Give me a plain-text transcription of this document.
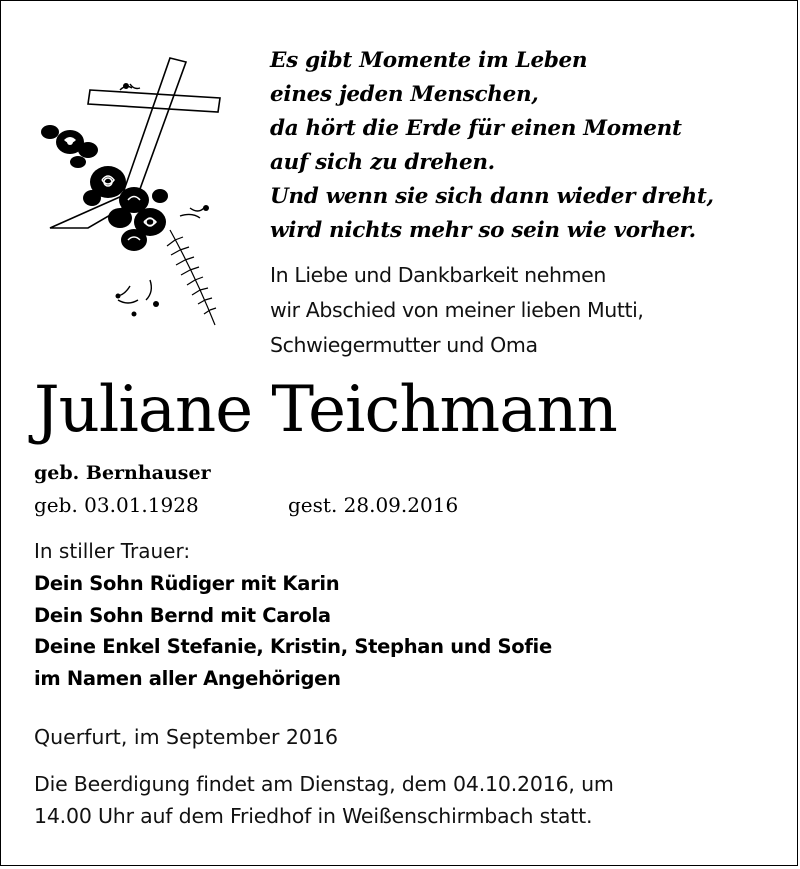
Es gibt Momente im Leben
eines jeden Menschen,
da hört die Erde für einen Moment
auf sich zu drehen.
Und wenn sie sich dann wieder dreht,
wird nichts mehr so sein wie vorher.
In Liebe und Dankbarkeit nehmen
wir Abschied von meiner lieben Mutti,
Schwiegermutter und Oma
Juliane Teichmann
geb. Bernhauser
geb. 03.01.1928	gest. 28.09.2016
In stiller Trauer:
Dein Sohn Rüdiger mit Karin
Dein Sohn Bernd mit Carola
Deine Enkel Stefanie, Kristin, Stephan und Sofie
im Namen aller Angehörigen
Querfurt, im September 2016
Die Beerdigung findet am Dienstag, dem 04.10.2016, um
14.00 Uhr auf dem Friedhof in Weißenschirmbach statt.
